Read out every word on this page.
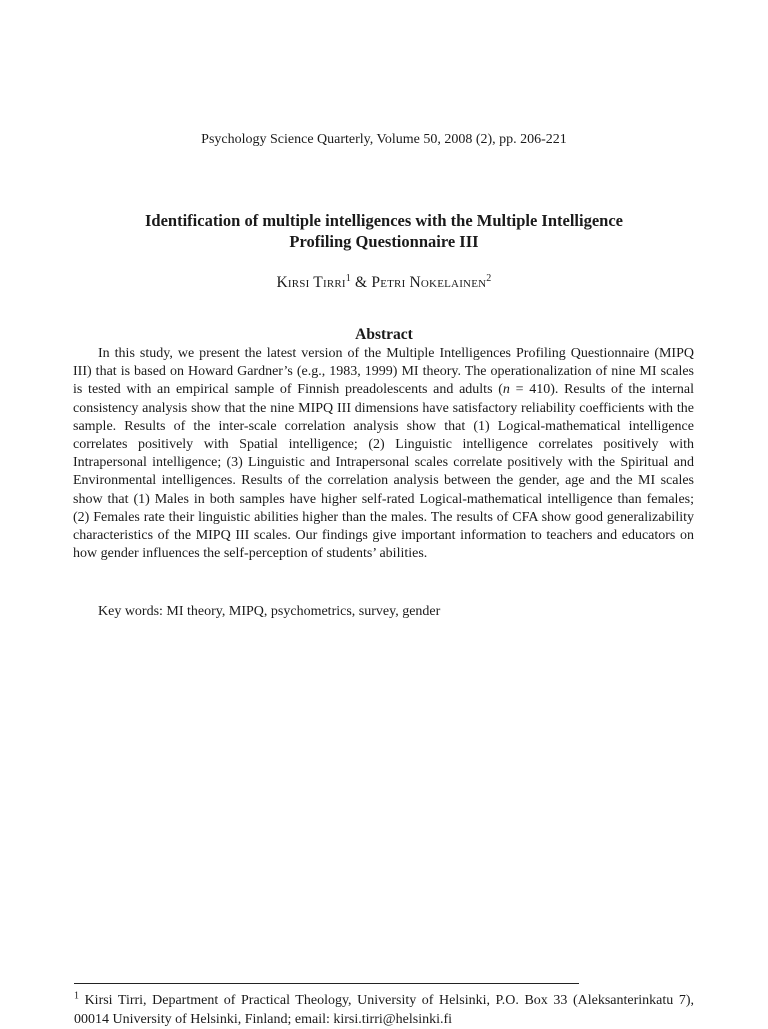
Psychology Science Quarterly, Volume 50, 2008 (2), pp. 206-221
Identification of multiple intelligences with the Multiple Intelligence
Profiling Questionnaire III
Kirsi Tirri$^1$ & Petri Nokelainen$^2$
Abstract

In this study, we present the latest version of the Multiple Intelligences Profiling Questionnaire (MIPQ III) that is based on Howard Gardner’s (e.g., 1983, 1999) MI theory. The operationalization of nine MI scales is tested with an empirical sample of Finnish preadolescents and adults (n = 410). Results of the internal consistency analysis show that the nine MIPQ III dimensions have satisfactory reliability coefficients with the sample. Results of the inter-scale correlation analysis show that (1) Logical-mathematical intelligence correlates positively with Spatial intelligence; (2) Linguistic intelligence correlates positively with Intrapersonal intelligence; (3) Linguistic and Intrapersonal scales correlate positively with the Spiritual and Environmental intelligences. Results of the correlation analysis between the gender, age and the MI scales show that (1) Males in both samples have higher self-rated Logical-mathematical intelligence than females; (2) Females rate their linguistic abilities higher than the males. The results of CFA show good generalizability characteristics of the MIPQ III scales. Our findings give important information to teachers and educators on how gender influences the self-perception of students’ abilities.

Key words: MI theory, MIPQ, psychometrics, survey, gender

$^1$ Kirsi Tirri, Department of Practical Theology, University of Helsinki, P.O. Box 33 (Aleksanterinkatu 7), 00014 University of Helsinki, Finland; email: kirsi.tirri@helsinki.fi
